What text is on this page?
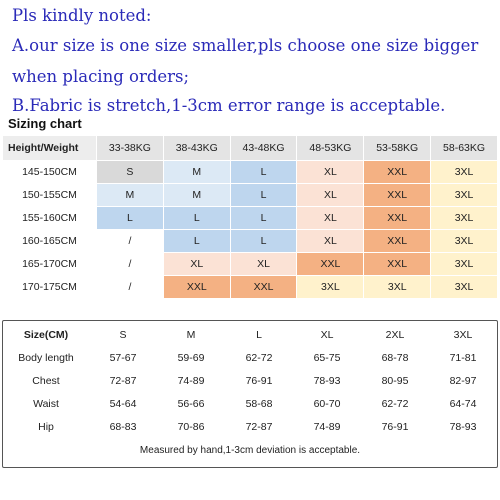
Pls kindly noted:
A.our size is one size smaller,pls choose one size bigger
when placing orders;
B.Fabric is stretch,1-3cm error range is acceptable.
Sizing chart
Height/Weight	33-38KG	38-43KG	43-48KG	48-53KG	53-58KG	58-63KG
145-150CM	S	M	L	XL	XXL	3XL
150-155CM	M	M	L	XL	XXL	3XL
155-160CM	L	L	L	XL	XXL	3XL
160-165CM	/	L	L	XL	XXL	3XL
165-170CM	/	XL	XL	XXL	XXL	3XL
170-175CM	/	XXL	XXL	3XL	3XL	3XL
Size(CM)	S	M	L	XL	2XL	3XL
Body length	57-67	59-69	62-72	65-75	68-78	71-81
Chest	72-87	74-89	76-91	78-93	80-95	82-97
Waist	54-64	56-66	58-68	60-70	62-72	64-74
Hip	68-83	70-86	72-87	74-89	76-91	78-93
Measured by hand,1-3cm deviation is acceptable.
